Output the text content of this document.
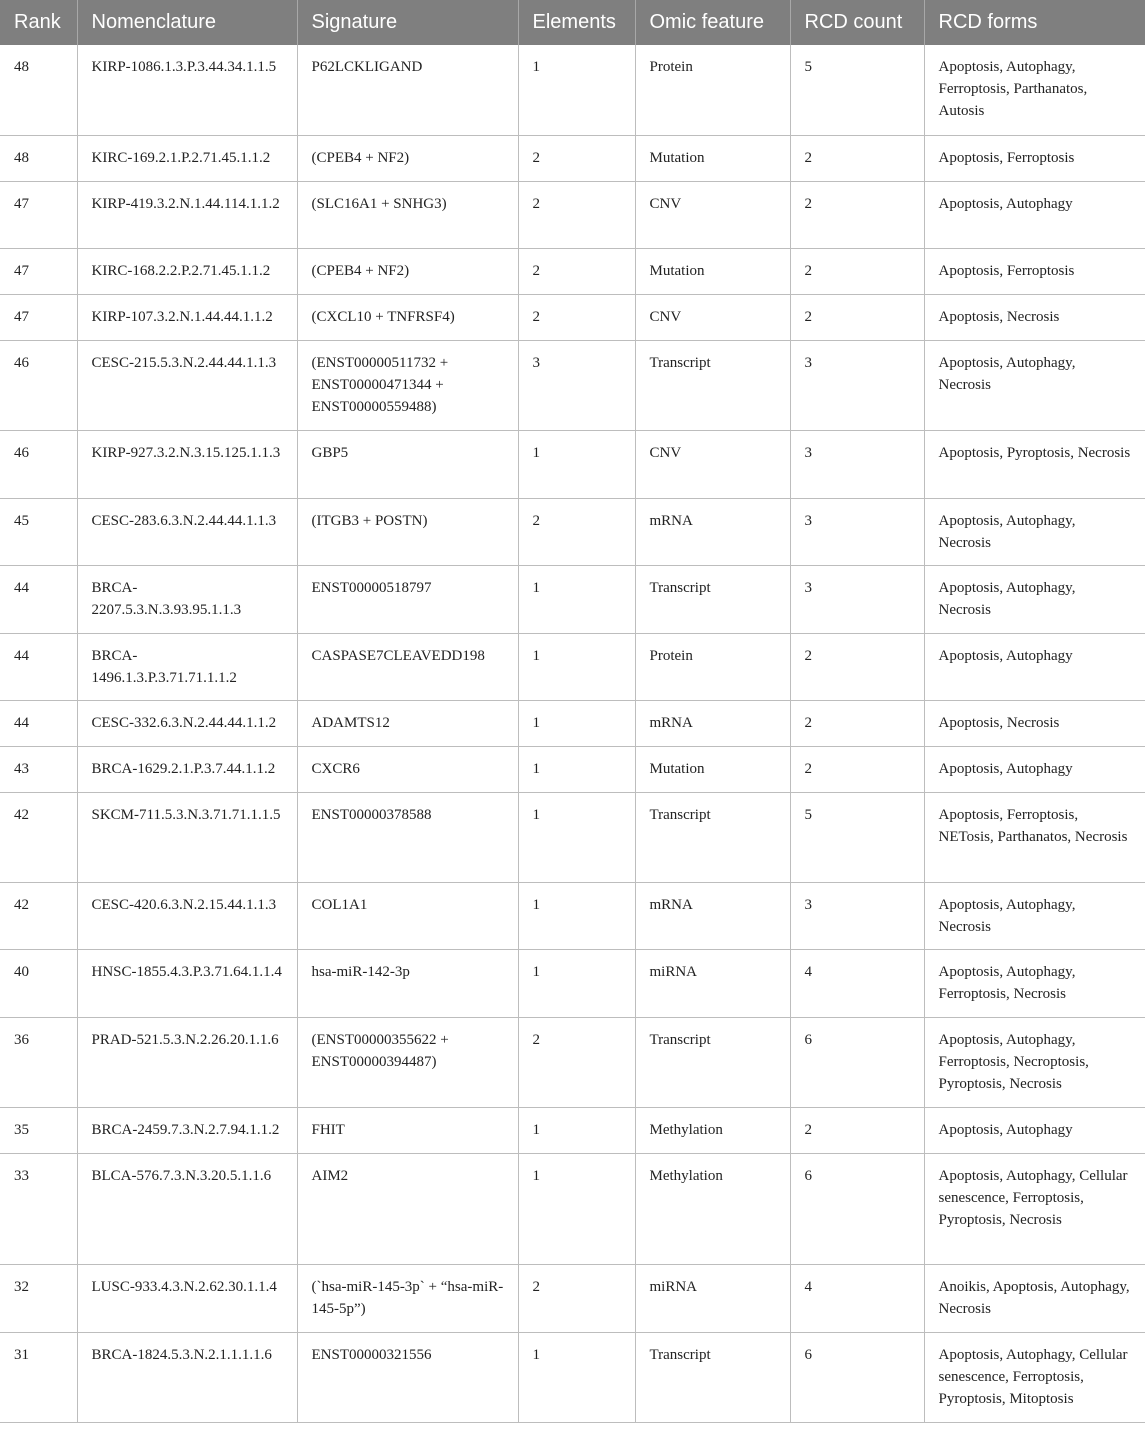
Rank	Nomenclature	Signature	Elements	Omic feature	RCD count	RCD forms
48	KIRP-1086.1.3.P.3.44.34.1.1.5	P62LCKLIGAND	1	Protein	5	Apoptosis, Autophagy, Ferroptosis, Parthanatos, Autosis
48	KIRC-169.2.1.P.2.71.45.1.1.2	(CPEB4 + NF2)	2	Mutation	2	Apoptosis, Ferroptosis
47	KIRP-419.3.2.N.1.44.114.1.1.2	(SLC16A1 + SNHG3)	2	CNV	2	Apoptosis, Autophagy
47	KIRC-168.2.2.P.2.71.45.1.1.2	(CPEB4 + NF2)	2	Mutation	2	Apoptosis, Ferroptosis
47	KIRP-107.3.2.N.1.44.44.1.1.2	(CXCL10 + TNFRSF4)	2	CNV	2	Apoptosis, Necrosis
46	CESC-215.5.3.N.2.44.44.1.1.3	(ENST00000511732 + ENST00000471344 + ENST00000559488)	3	Transcript	3	Apoptosis, Autophagy, Necrosis
46	KIRP-927.3.2.N.3.15.125.1.1.3	GBP5	1	CNV	3	Apoptosis, Pyroptosis, Necrosis
45	CESC-283.6.3.N.2.44.44.1.1.3	(ITGB3 + POSTN)	2	mRNA	3	Apoptosis, Autophagy, Necrosis
44	BRCA-2207.5.3.N.3.93.95.1.1.3	ENST00000518797	1	Transcript	3	Apoptosis, Autophagy, Necrosis
44	BRCA-1496.1.3.P.3.71.71.1.1.2	CASPASE7CLEAVEDD198	1	Protein	2	Apoptosis, Autophagy
44	CESC-332.6.3.N.2.44.44.1.1.2	ADAMTS12	1	mRNA	2	Apoptosis, Necrosis
43	BRCA-1629.2.1.P.3.7.44.1.1.2	CXCR6	1	Mutation	2	Apoptosis, Autophagy
42	SKCM-711.5.3.N.3.71.71.1.1.5	ENST00000378588	1	Transcript	5	Apoptosis, Ferroptosis, NETosis, Parthanatos, Necrosis
42	CESC-420.6.3.N.2.15.44.1.1.3	COL1A1	1	mRNA	3	Apoptosis, Autophagy, Necrosis
40	HNSC-1855.4.3.P.3.71.64.1.1.4	hsa-miR-142-3p	1	miRNA	4	Apoptosis, Autophagy, Ferroptosis, Necrosis
36	PRAD-521.5.3.N.2.26.20.1.1.6	(ENST00000355622 + ENST00000394487)	2	Transcript	6	Apoptosis, Autophagy, Ferroptosis, Necroptosis, Pyroptosis, Necrosis
35	BRCA-2459.7.3.N.2.7.94.1.1.2	FHIT	1	Methylation	2	Apoptosis, Autophagy
33	BLCA-576.7.3.N.3.20.5.1.1.6	AIM2	1	Methylation	6	Apoptosis, Autophagy, Cellular senescence, Ferroptosis, Pyroptosis, Necrosis
32	LUSC-933.4.3.N.2.62.30.1.1.4	(`hsa-miR-145-3p` + “hsa-miR-145-5p”)	2	miRNA	4	Anoikis, Apoptosis, Autophagy, Necrosis
31	BRCA-1824.5.3.N.2.1.1.1.1.6	ENST00000321556	1	Transcript	6	Apoptosis, Autophagy, Cellular senescence, Ferroptosis, Pyroptosis, Mitoptosis
